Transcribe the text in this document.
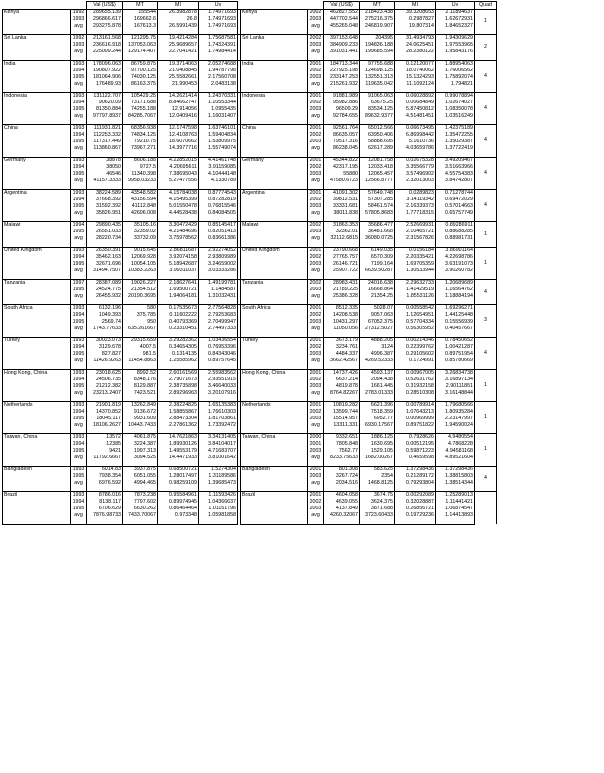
		Val (US$)	MT	MI	Uv				Val (US$)	MT	MI	Uv	Quad
Kenya	1992	289655.139	155544	26.3982878	1.74971693		Kenya	2002	462827.552	218423.438	39.3208653	2.11894637	1
	1993	296866.617	169662.6	26.8	1.74971693			2003	447702.544	275216.375	0.2987827	1.62672931	
	avg	293275.878	167613.3	26.5991439	1.74971693			avg	455265.048	246819.907	19.807314	1.84652327	

Sri Lanka	1992	213161.568	121295.75	19.4214284	1.75687581		Sri Lanka	2002	397153.648	204395	31.4934793	1.94309629	2
	1993	236616.918	137053.063	25.9689657	1.74324391			2003	384909.233	194836.188	24.0625451	1.97553965	
	avg	225009.244	129174.407	22.7041421	1.74984414			avg	391031.441	199685.594	28.2380122	1.95843176	

India	1993	178096.063	86759.875	19.3714063	2.05274688		India	2001	184713.344	97755.688	0.12120077	1.88954063	4
	1994	190807.922	97700.125	21.0408845	1.94787798			2002	227925.198	124698.125	18.0740062	1.76006562	
	1995	181064.906	74030.125	25.5582661	2.17560708			2003	233147.253	132551.313	15.1324293	1.75892074	
	avg	176489.93	86163.375	21.990453	2.0483138			avg	215261.932	119635.042	11.1092124	1.794821	

Indonesia	1993	131122.707	105429.25	14.2621414	1.24370331		Indonesia	2001	91881.989	91065.063	0.06028892	0.99078894	4
	1994	90620.09	73171.688	8.84662747	1.10553344			2002	95982.886	63675.25	0.00684849	1.02674027	
	1995	81350.884	74255.188	12.914056	1.0955435			2003	96509.29	83534.125	5.87450812	1.08350078	
	avg	97797.8937	84285.7067	12.0409416	1.16031407			avg	92784.655	89632.9377	4.51481451	1.03516249	

China	1993	111931.821	68356.938	12.1747598	1.63746101		China	2001	92561.764	65012.566	0.06673495	1.42375189	4
	1994	112253.332	74834.125	12.4108763	1.59404834			2002	86635.057	63950.406	6.86998442	1.35472255	
	1995	117317.449	79210.75	18.6070662	1.53809975			2003	79517.316	58888.695	5.1610736	1.35029387	
	avg	113860.867	73967.271	14.3977716	1.55749074			avg	86238.045	62617.289	4.03659786	1.37722419	

Germany	1993	38878	8606.188	4.22852015	4.41461748		Germany	2001	45344.822	12081.758	0.02675328	3.49209467	4
	1994	38050	9727.5	4.20695611	3.91159085			2002	42317.195	12033.418	3.35566779	3.51663966	
	1995	46546	11340.398	7.38695043	4.10444148			2003	55880	12065.457	3.57496902	4.55754383	
	avg	41157.3333	9958.03233	5.27477556	4.1330789			avg	47580.6723	12566.8777	2.32013003	3.84742807	

Argentina	1993	38224.589	43548.582	4.15784038	0.87774543		Argentina	2001	41091.302	57649.748	0.0289823	0.71278744	4
	1994	37668.392	43156.594	4.15495399	0.87282819			2002	39812.531	57307.285	3.14119342	0.69472029	
	1995	31592.392	41112.848	5.01550478	0.76815546			2003	33331.681	58461.574	2.16339373	0.57014663	
	avg	35826.951	42606.008	4.44528438	0.84084505			avg	38011.838	57805.8683	1.77718315	0.65757749	

Malawi	1994	29890.435	35105.16	3.30472429	0.85145417		Malawi	2002	31863.353	35686.477	2.52669931	0.89286911	1
	1995	26551.033	32359.02	4.21484696	0.82051413			2003	32362.01	36481.668	2.10465721	0.88688285	
	avg	28220.734	33732.09	3.75978562	0.83661386			avg	32112.6815	36080.0725	2.31567826	0.88981731	

United Kingdom	1993	26350.391	9015.645	2.86811687	2.92274052		United Kingdom	2001	23790.668	6149.035	0.0156184	3.86901164	1
	1994	35462.163	12069.928	3.92074158	2.93809989			2002	27765.757	6570.309	2.20335421	4.22698786	
	1995	32671.696	10054.105	5.18942687	3.24659002			2003	26146.721	7199.164	1.69705359	3.63191073	
	avg	31494.7507	10383.2263	3.99311037	3.03333286			avg	25907.722	6639.50287	1.30533944	3.90260782	

Tanzania	1997	28387.089	19026.227	2.18627641	1.49199781		Tanzania	2002	28983.431	24016.638	2.29632733	1.20689689	4
	1995	24524.775	21354.512	1.69500721	1.1484587			2003	21789.225	16668.864	1.41429519	1.16564762	
	avg	26455.932	20190.3695	1.94064181	1.31032431			avg	25386.328	21354.25	1.85531126	1.18884194	

South Africa	1993	6132.196	580	0.17535673	2.77564828		South Africa	2001	8512.335	5028.07	0.00558542	1.69296271	3
	1994	1049.393	375.785	0.11602222	2.79253683			2002	14208.538	9057.063	1.12654951	1.44125448	
	1995	2569.74	950	0.40793369	2.70499947			2003	10431.297	67052.375	0.57704334	0.15556939	
	avg	1743.77633	635.261667	0.23310451	2.74497333			avg	11050.056	27312.5027	0.56305952	0.40457667	

Turkey	1993	30023.073	29315.659	3.29282362	1.03436554		Turkey	2001	3673.179	4888.205	0.00214346	0.78450652	4
	1994	3129.678	4007.5	0.34654305	0.76953396			2002	3234.761	3124	0.22399762	1.00421287	
	1995	827.827	981.5	0.1314135	0.84343046			2003	4484.337	4996.387	0.29105602	0.89751954	
	avg	11426.9263	11454.8863	1.25585962	0.89757645			avg	3662.42567	4269.52333	0.1724991	0.85780669	

Hong Kong, China	1993	23018.625	8992.52	2.60161569	2.55983562		Hong Kong, China	2001	14737.426	4593.137	0.00967005	3.26834738	1
	1994	24506.735	8348.176	2.79071673	2.93551915			2002	6637.214	2094.438	0.52631762	3.16897134	
	1995	21212.382	8129.887	2.38735898	3.46640033			2003	4819.878	1661.445	0.31932158	2.90111851	
	avg	23213.2407	7423.521	2.89296963	3.20107916			avg	8764.82267	2783.01333	0.28510308	3.16148844	

Netherlands	1993	21901.819	13262.849	2.38224825	1.65135383		Netherlands	2001	10819.282	6621.396	0.00789914	1.79680566	1
	1994	14370.852	9136.672	1.58855867	1.76610303			2002	13599.744	7518.359	1.07643213	1.80935284	
	1995	18045.117	9931.609	2.88473304	1.81703861			2003	15514.957	6952.77	0.00969999	2.23147997	
	avg	18106.2627	10443.7433	2.27861362	1.73392472			avg	13311.331	6930.17567	0.89751822	1.94590024	

Taiwan, China	1993	13572	4061.875	14.7621863	3.34131405		Taiwan, China	2000	9332.651	1886.125	0.7928626	4.9480554	1
	1994	12385	3224.387	1.89930126	3.84104017			2001	7805.848	1630.695	0.00512195	4.7868228	
	1995	9421	1997.313	1.49553179	4.71683707			2003	7562.77	1529.105	0.59871223	4.94581168	
	avg	11792.6667	3094.525	14.4471933	3.81001642			avg	8233.75633	1682.00267	0.4659598	4.89521604	

Bangladesh	1993	6014.83	3937.875	0.68500721	1.5274304		Bangladesh	2001	801.308	583.625	1.37298436	1.37298436	4
	1995	7938.354	6051.055	1.28017497	1.31189586			2003	3267.724	2354	0.21289172	1.38815803	
	avg	6976.592	4994.465	0.98259109	1.39685473			avg	2034.516	1468.8125	0.79293804	1.38514344	

Brazil	1993	8786.016	7873.238	0.95584961	1.11593426		Brazil	2001	4604.058	3674.75	0.00292089	1.25289013	
	1994	8138.117	7797.602	0.89974945	1.04366637			2002	4639.055	3624.375	0.32028887	1.11441421	
	1995	6706.629	6630.262	0.86464464	1.01151796			2003	4137.849	3871.688	0.26856721	1.06874547	
	avg	7876.98733	7433.70067	0.973348	1.05981858			avg	4260.32067	3723.60433	0.19729236	1.14413893	
